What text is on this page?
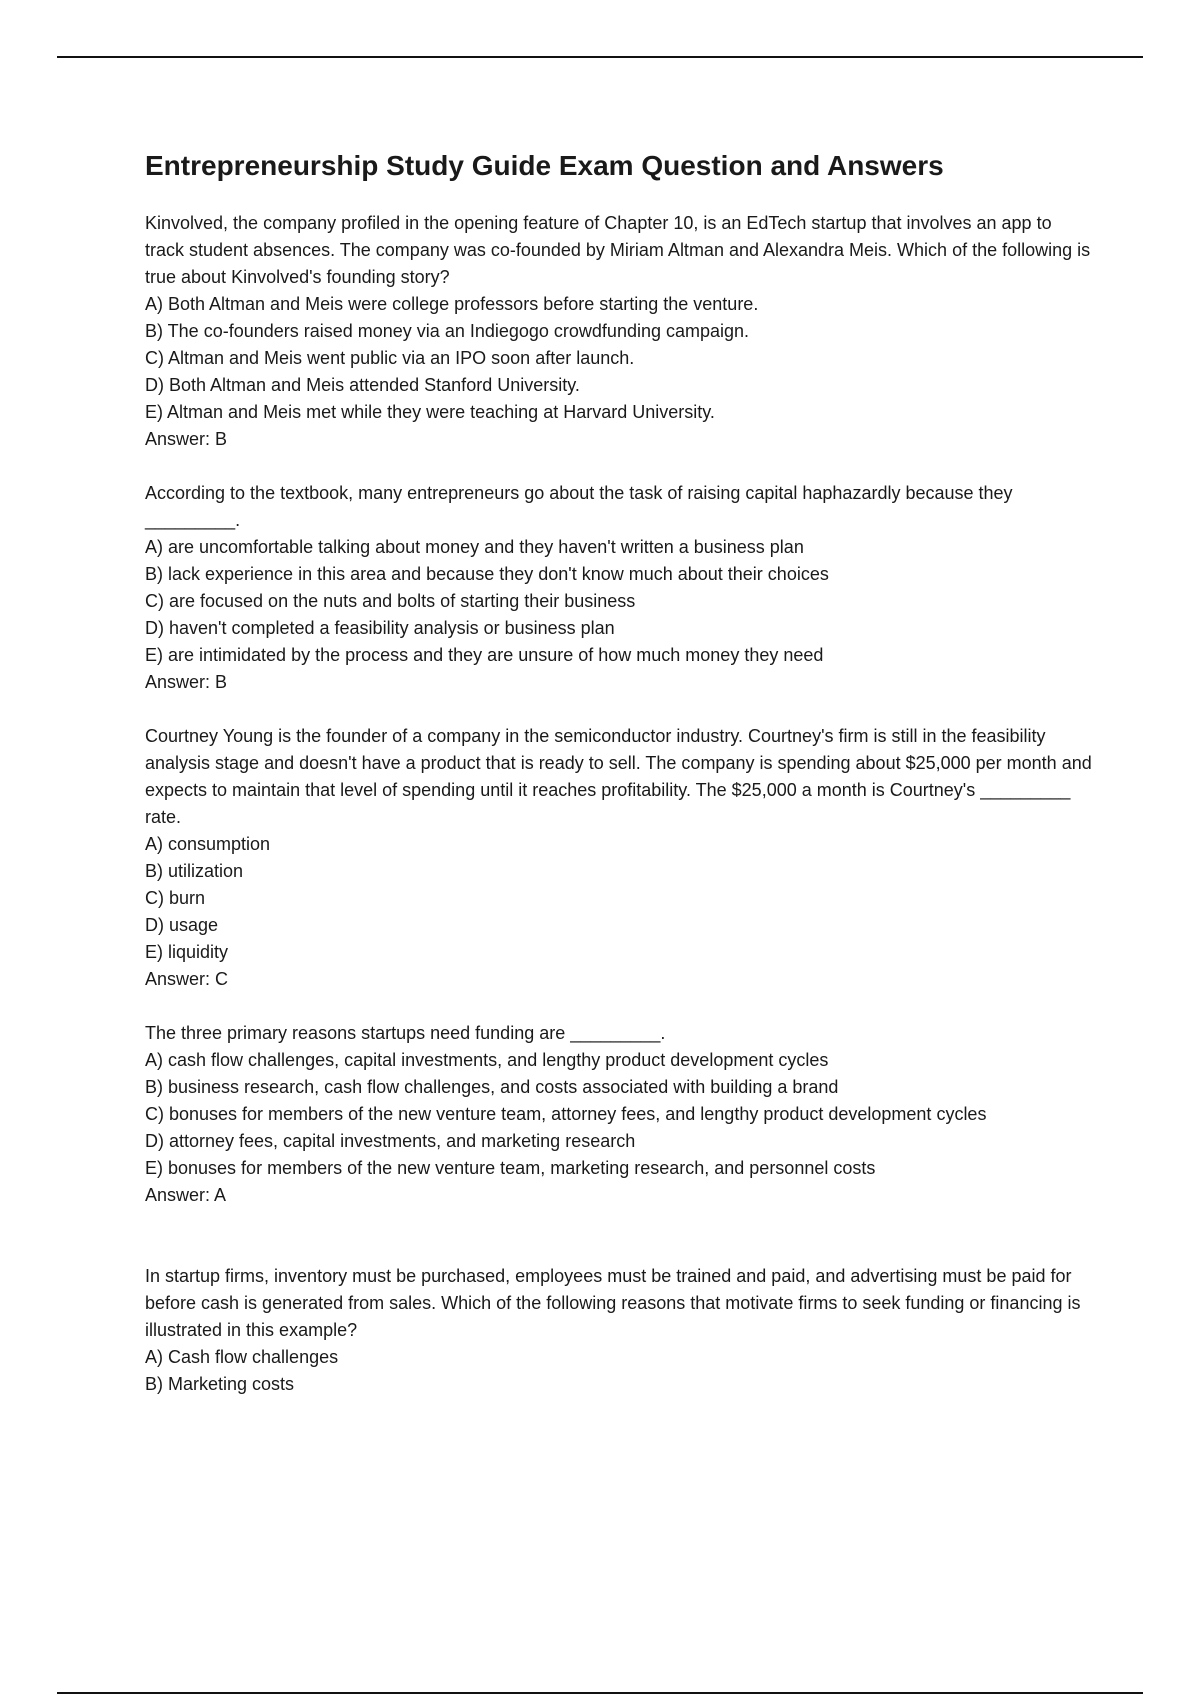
Entrepreneurship Study Guide Exam Question and Answers

Kinvolved, the company profiled in the opening feature of Chapter 10, is an EdTech startup that involves an app to track student absences. The company was co-founded by Miriam Altman and Alexandra Meis. Which of the following is true about Kinvolved's founding story?

A) Both Altman and Meis were college professors before starting the venture.

B) The co-founders raised money via an Indiegogo crowdfunding campaign.

C) Altman and Meis went public via an IPO soon after launch.

D) Both Altman and Meis attended Stanford University.

E) Altman and Meis met while they were teaching at Harvard University.

Answer: B

According to the textbook, many entrepreneurs go about the task of raising capital haphazardly because they _________.

A) are uncomfortable talking about money and they haven't written a business plan

B) lack experience in this area and because they don't know much about their choices

C) are focused on the nuts and bolts of starting their business

D) haven't completed a feasibility analysis or business plan

E) are intimidated by the process and they are unsure of how much money they need

Answer: B

Courtney Young is the founder of a company in the semiconductor industry. Courtney's firm is still in the feasibility analysis stage and doesn't have a product that is ready to sell. The company is spending about $25,000 per month and expects to maintain that level of spending until it reaches profitability. The $25,000 a month is Courtney's _________ rate.

A) consumption

B) utilization

C) burn

D) usage

E) liquidity

Answer: C

The three primary reasons startups need funding are _________.

A) cash flow challenges, capital investments, and lengthy product development cycles

B) business research, cash flow challenges, and costs associated with building a brand

C) bonuses for members of the new venture team, attorney fees, and lengthy product development cycles

D) attorney fees, capital investments, and marketing research

E) bonuses for members of the new venture team, marketing research, and personnel costs

Answer: A

In startup firms, inventory must be purchased, employees must be trained and paid, and advertising must be paid for before cash is generated from sales. Which of the following reasons that motivate firms to seek funding or financing is illustrated in this example?

A) Cash flow challenges

B) Marketing costs
